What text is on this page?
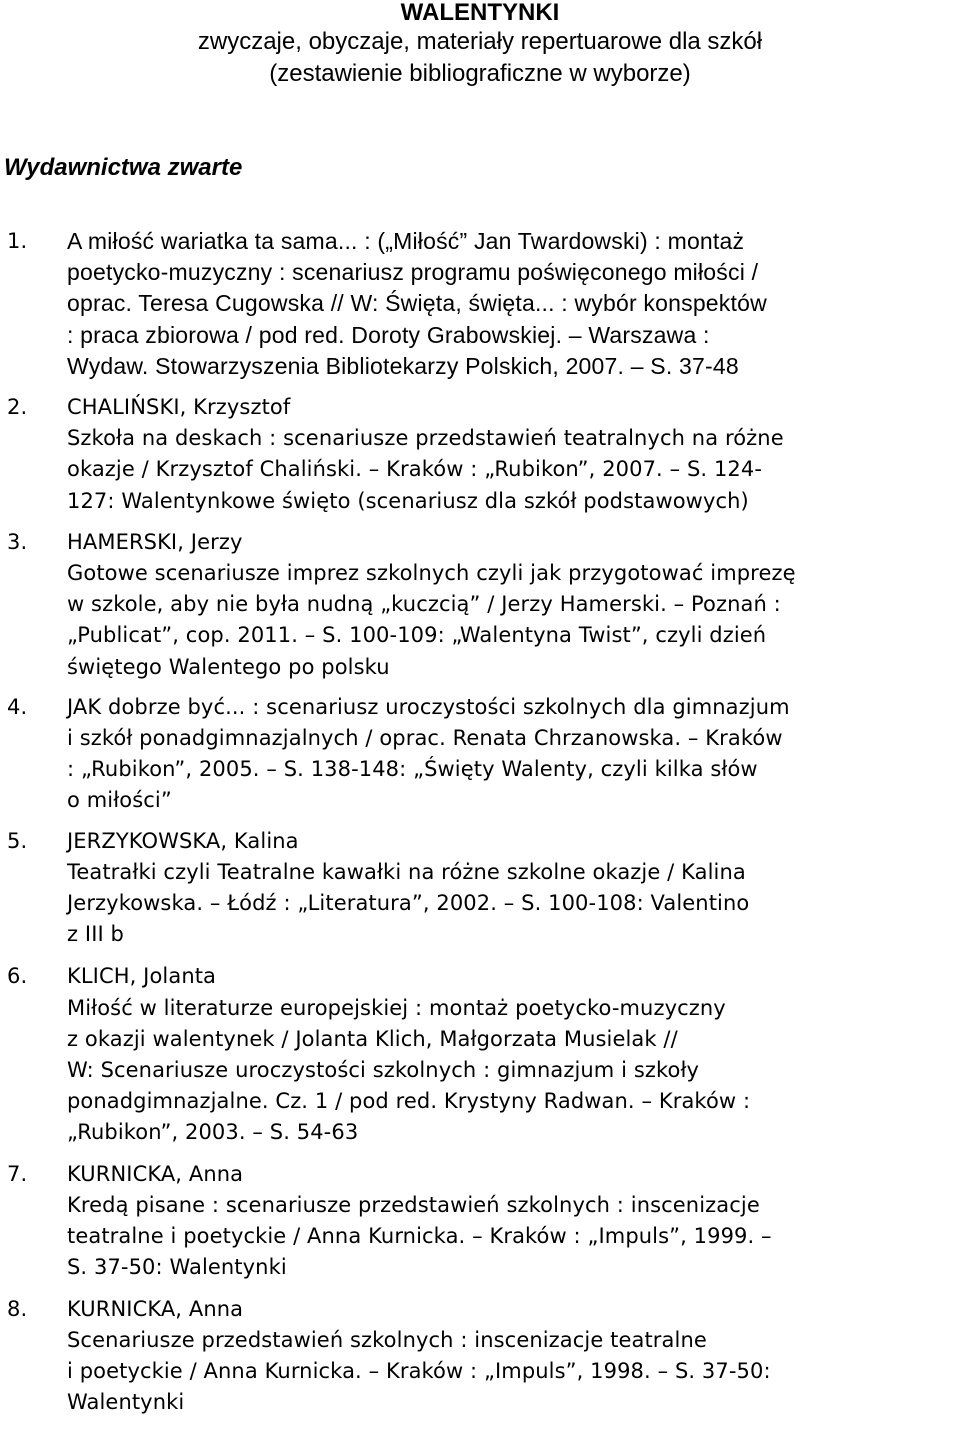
WALENTYNKI
zwyczaje, obyczaje, materiały repertuarowe dla szkół
(zestawienie bibliograficzne w wyborze)
Wydawnictwa zwarte
1. A miłość wariatka ta sama... : („Miłość” Jan Twardowski) : montaż
poetycko-muzyczny : scenariusz programu poświęconego miłości /
oprac. Teresa Cugowska // W: Święta, święta... : wybór konspektów
: praca zbiorowa / pod red. Doroty Grabowskiej. – Warszawa :
Wydaw. Stowarzyszenia Bibliotekarzy Polskich, 2007. – S. 37-48
2. CHALIŃSKI, Krzysztof
Szkoła na deskach : scenariusze przedstawień teatralnych na różne
okazje / Krzysztof Chaliński. – Kraków : „Rubikon”, 2007. – S. 124-
127: Walentynkowe święto (scenariusz dla szkół podstawowych)
3. HAMERSKI, Jerzy
Gotowe scenariusze imprez szkolnych czyli jak przygotować imprezę
w szkole, aby nie była nudną „kuczcią” / Jerzy Hamerski. – Poznań :
„Publicat”, cop. 2011. – S. 100-109: „Walentyna Twist”, czyli dzień
świętego Walentego po polsku
4. JAK dobrze być... : scenariusz uroczystości szkolnych dla gimnazjum
i szkół ponadgimnazjalnych / oprac. Renata Chrzanowska. – Kraków
: „Rubikon”, 2005. – S. 138-148: „Święty Walenty, czyli kilka słów
o miłości”
5. JERZYKOWSKA, Kalina
Teatrałki czyli Teatralne kawałki na różne szkolne okazje / Kalina
Jerzykowska. – Łódź : „Literatura”, 2002. – S. 100-108: Valentino
z III b
6. KLICH, Jolanta
Miłość w literaturze europejskiej : montaż poetycko-muzyczny
z okazji walentynek / Jolanta Klich, Małgorzata Musielak //
W: Scenariusze uroczystości szkolnych : gimnazjum i szkoły
ponadgimnazjalne. Cz. 1 / pod red. Krystyny Radwan. – Kraków :
„Rubikon”, 2003. – S. 54-63
7. KURNICKA, Anna
Kredą pisane : scenariusze przedstawień szkolnych : inscenizacje
teatralne i poetyckie / Anna Kurnicka. – Kraków : „Impuls”, 1999. –
S. 37-50: Walentynki
8. KURNICKA, Anna
Scenariusze przedstawień szkolnych : inscenizacje teatralne
i poetyckie / Anna Kurnicka. – Kraków : „Impuls”, 1998. – S. 37-50:
Walentynki
